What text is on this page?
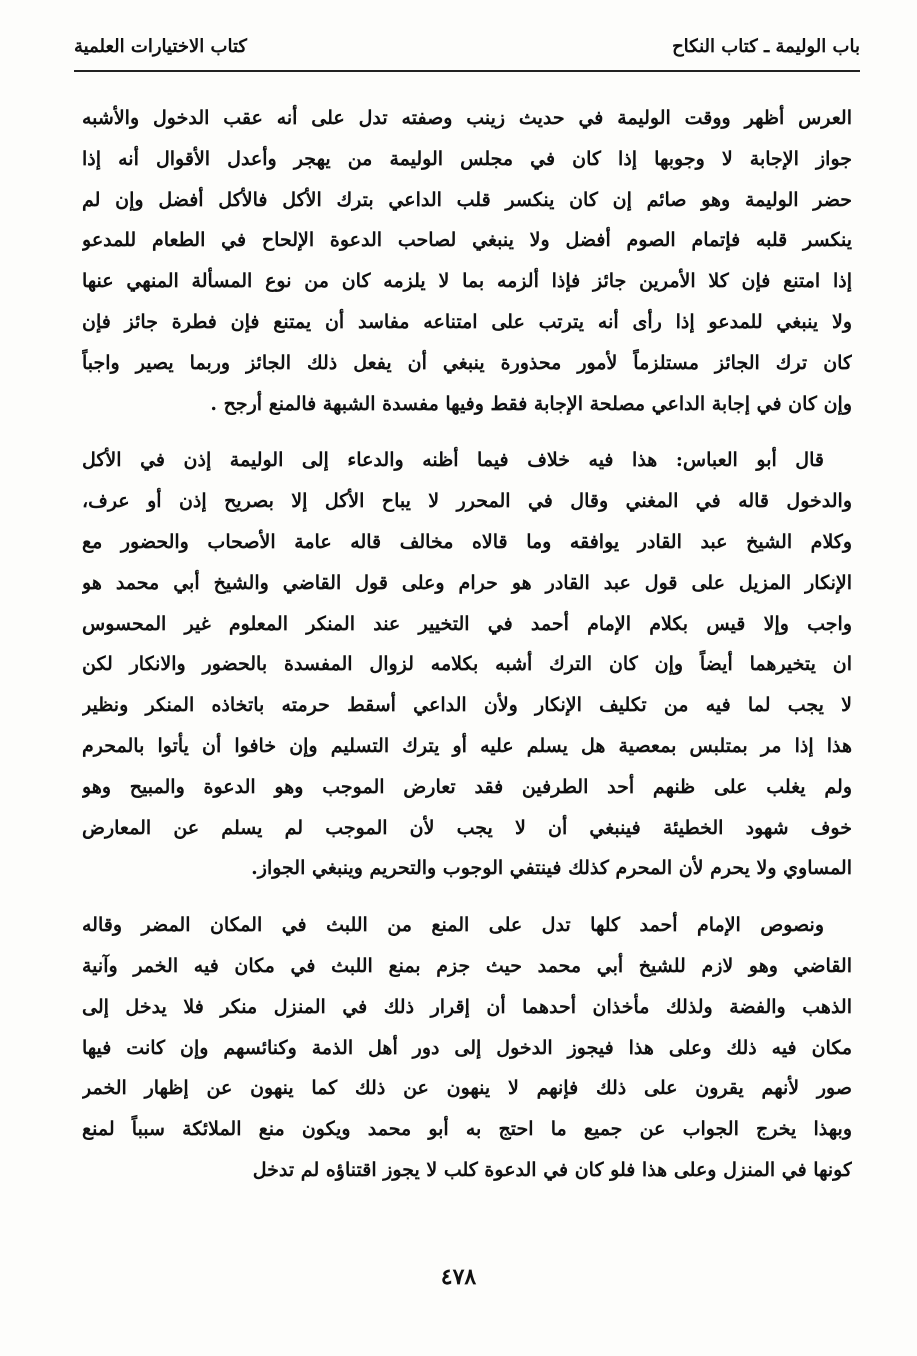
باب الوليمة ـ كتاب النكاح
كتاب الاختيارات العلمية
العرس أظهر ووقت الوليمة في حديث زينب وصفته تدل على أنه عقب الدخول والأشبه
جواز الإجابة لا وجوبها إذا كان في مجلس الوليمة من يهجر وأعدل الأقوال أنه إذا
حضر الوليمة وهو صائم إن كان ينكسر قلب الداعي بترك الأكل فالأكل أفضل وإن لم
ينكسر قلبه فإتمام الصوم أفضل ولا ينبغي لصاحب الدعوة الإلحاح في الطعام للمدعو
إذا امتنع فإن كلا الأمرين جائز فإذا ألزمه بما لا يلزمه كان من نوع المسألة المنهي عنها
ولا ينبغي للمدعو إذا رأى أنه يترتب على امتناعه مفاسد أن يمتنع فإن فطرة جائز فإن
كان ترك الجائز مستلزماً لأمور محذورة ينبغي أن يفعل ذلك الجائز وربما يصير واجباً
وإن كان في إجابة الداعي مصلحة الإجابة فقط وفيها مفسدة الشبهة فالمنع أرجح .
قال أبو العباس: هذا فيه خلاف فيما أظنه والدعاء إلى الوليمة إذن في الأكل
والدخول قاله في المغني وقال في المحرر لا يباح الأكل إلا بصريح إذن أو عرف،
وكلام الشيخ عبد القادر يوافقه وما قالاه مخالف قاله عامة الأصحاب والحضور مع
الإنكار المزيل على قول عبد القادر هو حرام وعلى قول القاضي والشيخ أبي محمد هو
واجب وإلا قيس بكلام الإمام أحمد في التخيير عند المنكر المعلوم غير المحسوس
ان يتخيرهما أيضاً وإن كان الترك أشبه بكلامه لزوال المفسدة بالحضور والانكار لكن
لا يجب لما فيه من تكليف الإنكار ولأن الداعي أسقط حرمته باتخاذه المنكر ونظير
هذا إذا مر بمتلبس بمعصية هل يسلم عليه أو يترك التسليم وإن خافوا أن يأتوا بالمحرم
ولم يغلب على ظنهم أحد الطرفين فقد تعارض الموجب وهو الدعوة والمبيح وهو
خوف شهود الخطيئة فينبغي أن لا يجب لأن الموجب لم يسلم عن المعارض
المساوي ولا يحرم لأن المحرم كذلك فينتفي الوجوب والتحريم وينبغي الجواز.
ونصوص الإمام أحمد كلها تدل على المنع من اللبث في المكان المضر وقاله
القاضي وهو لازم للشيخ أبي محمد حيث جزم بمنع اللبث في مكان فيه الخمر وآنية
الذهب والفضة ولذلك مأخذان أحدهما أن إقرار ذلك في المنزل منكر فلا يدخل إلى
مكان فيه ذلك وعلى هذا فيجوز الدخول إلى دور أهل الذمة وكنائسهم وإن كانت فيها
صور لأنهم يقرون على ذلك فإنهم لا ينهون عن ذلك كما ينهون عن إظهار الخمر
وبهذا يخرج الجواب عن جميع ما احتج به أبو محمد ويكون منع الملائكة سبباً لمنع
كونها في المنزل وعلى هذا فلو كان في الدعوة كلب لا يجوز اقتناؤه لم تدخل
٤٧٨
